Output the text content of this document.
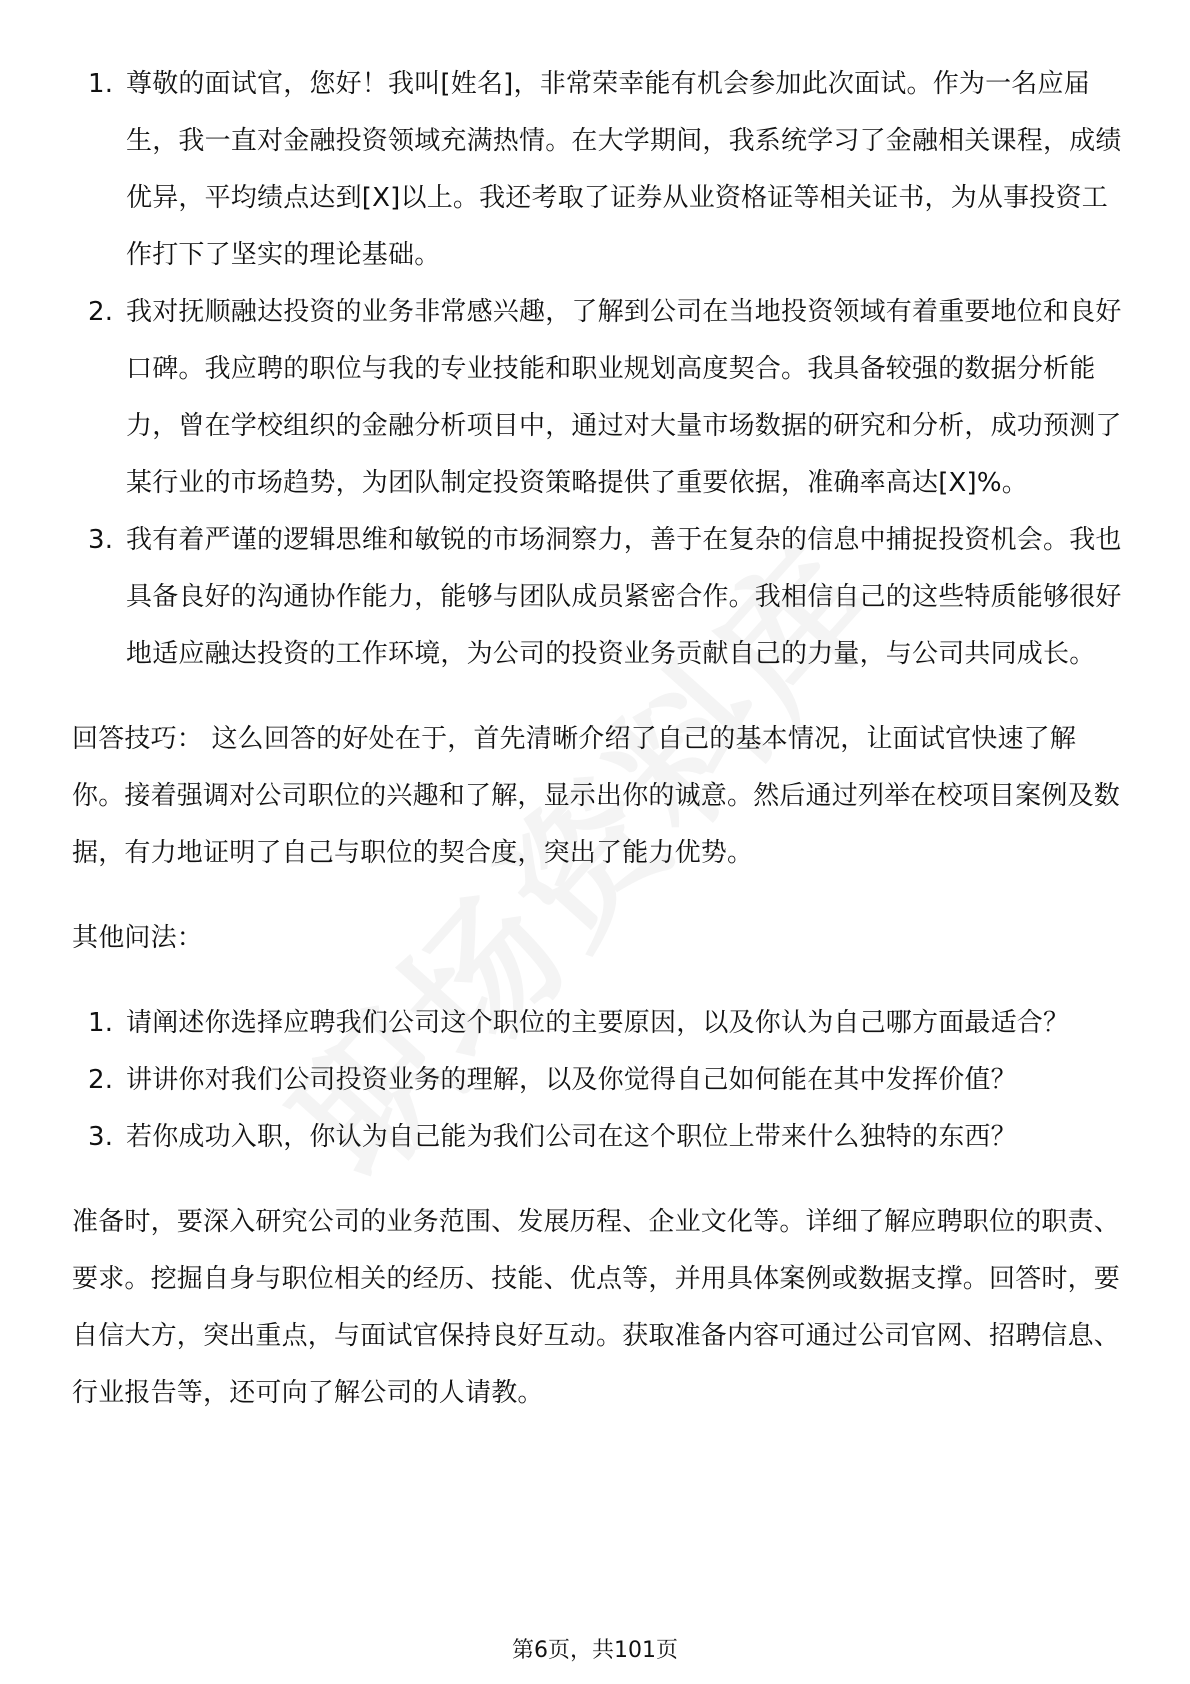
1. 尊敬的面试官，您好！我叫[姓名]，非常荣幸能有机会参加此次面试。作为一名应届生，我一直对金融投资领域充满热情。在大学期间，我系统学习了金融相关课程，成绩优异，平均绩点达到[X]以上。我还考取了证券从业资格证等相关证书，为从事投资工作打下了坚实的理论基础。
2. 我对抚顺融达投资的业务非常感兴趣，了解到公司在当地投资领域有着重要地位和良好口碑。我应聘的职位与我的专业技能和职业规划高度契合。我具备较强的数据分析能力，曾在学校组织的金融分析项目中，通过对大量市场数据的研究和分析，成功预测了某行业的市场趋势，为团队制定投资策略提供了重要依据，准确率高达[X]%。
3. 我有着严谨的逻辑思维和敏锐的市场洞察力，善于在复杂的信息中捕捉投资机会。我也具备良好的沟通协作能力，能够与团队成员紧密合作。我相信自己的这些特质能够很好地适应融达投资的工作环境，为公司的投资业务贡献自己的力量，与公司共同成长。

回答技巧： 这么回答的好处在于，首先清晰介绍了自己的基本情况，让面试官快速了解你。接着强调对公司职位的兴趣和了解，显示出你的诚意。然后通过列举在校项目案例及数据，有力地证明了自己与职位的契合度，突出了能力优势。

其他问法：

1. 请阐述你选择应聘我们公司这个职位的主要原因，以及你认为自己哪方面最适合？
2. 讲讲你对我们公司投资业务的理解，以及你觉得自己如何能在其中发挥价值？
3. 若你成功入职，你认为自己能为我们公司在这个职位上带来什么独特的东西？

准备时，要深入研究公司的业务范围、发展历程、企业文化等。详细了解应聘职位的职责、要求。挖掘自身与职位相关的经历、技能、优点等，并用具体案例或数据支撑。回答时，要自信大方，突出重点，与面试官保持良好互动。获取准备内容可通过公司官网、招聘信息、行业报告等，还可向了解公司的人请教。

第6页，共101页
